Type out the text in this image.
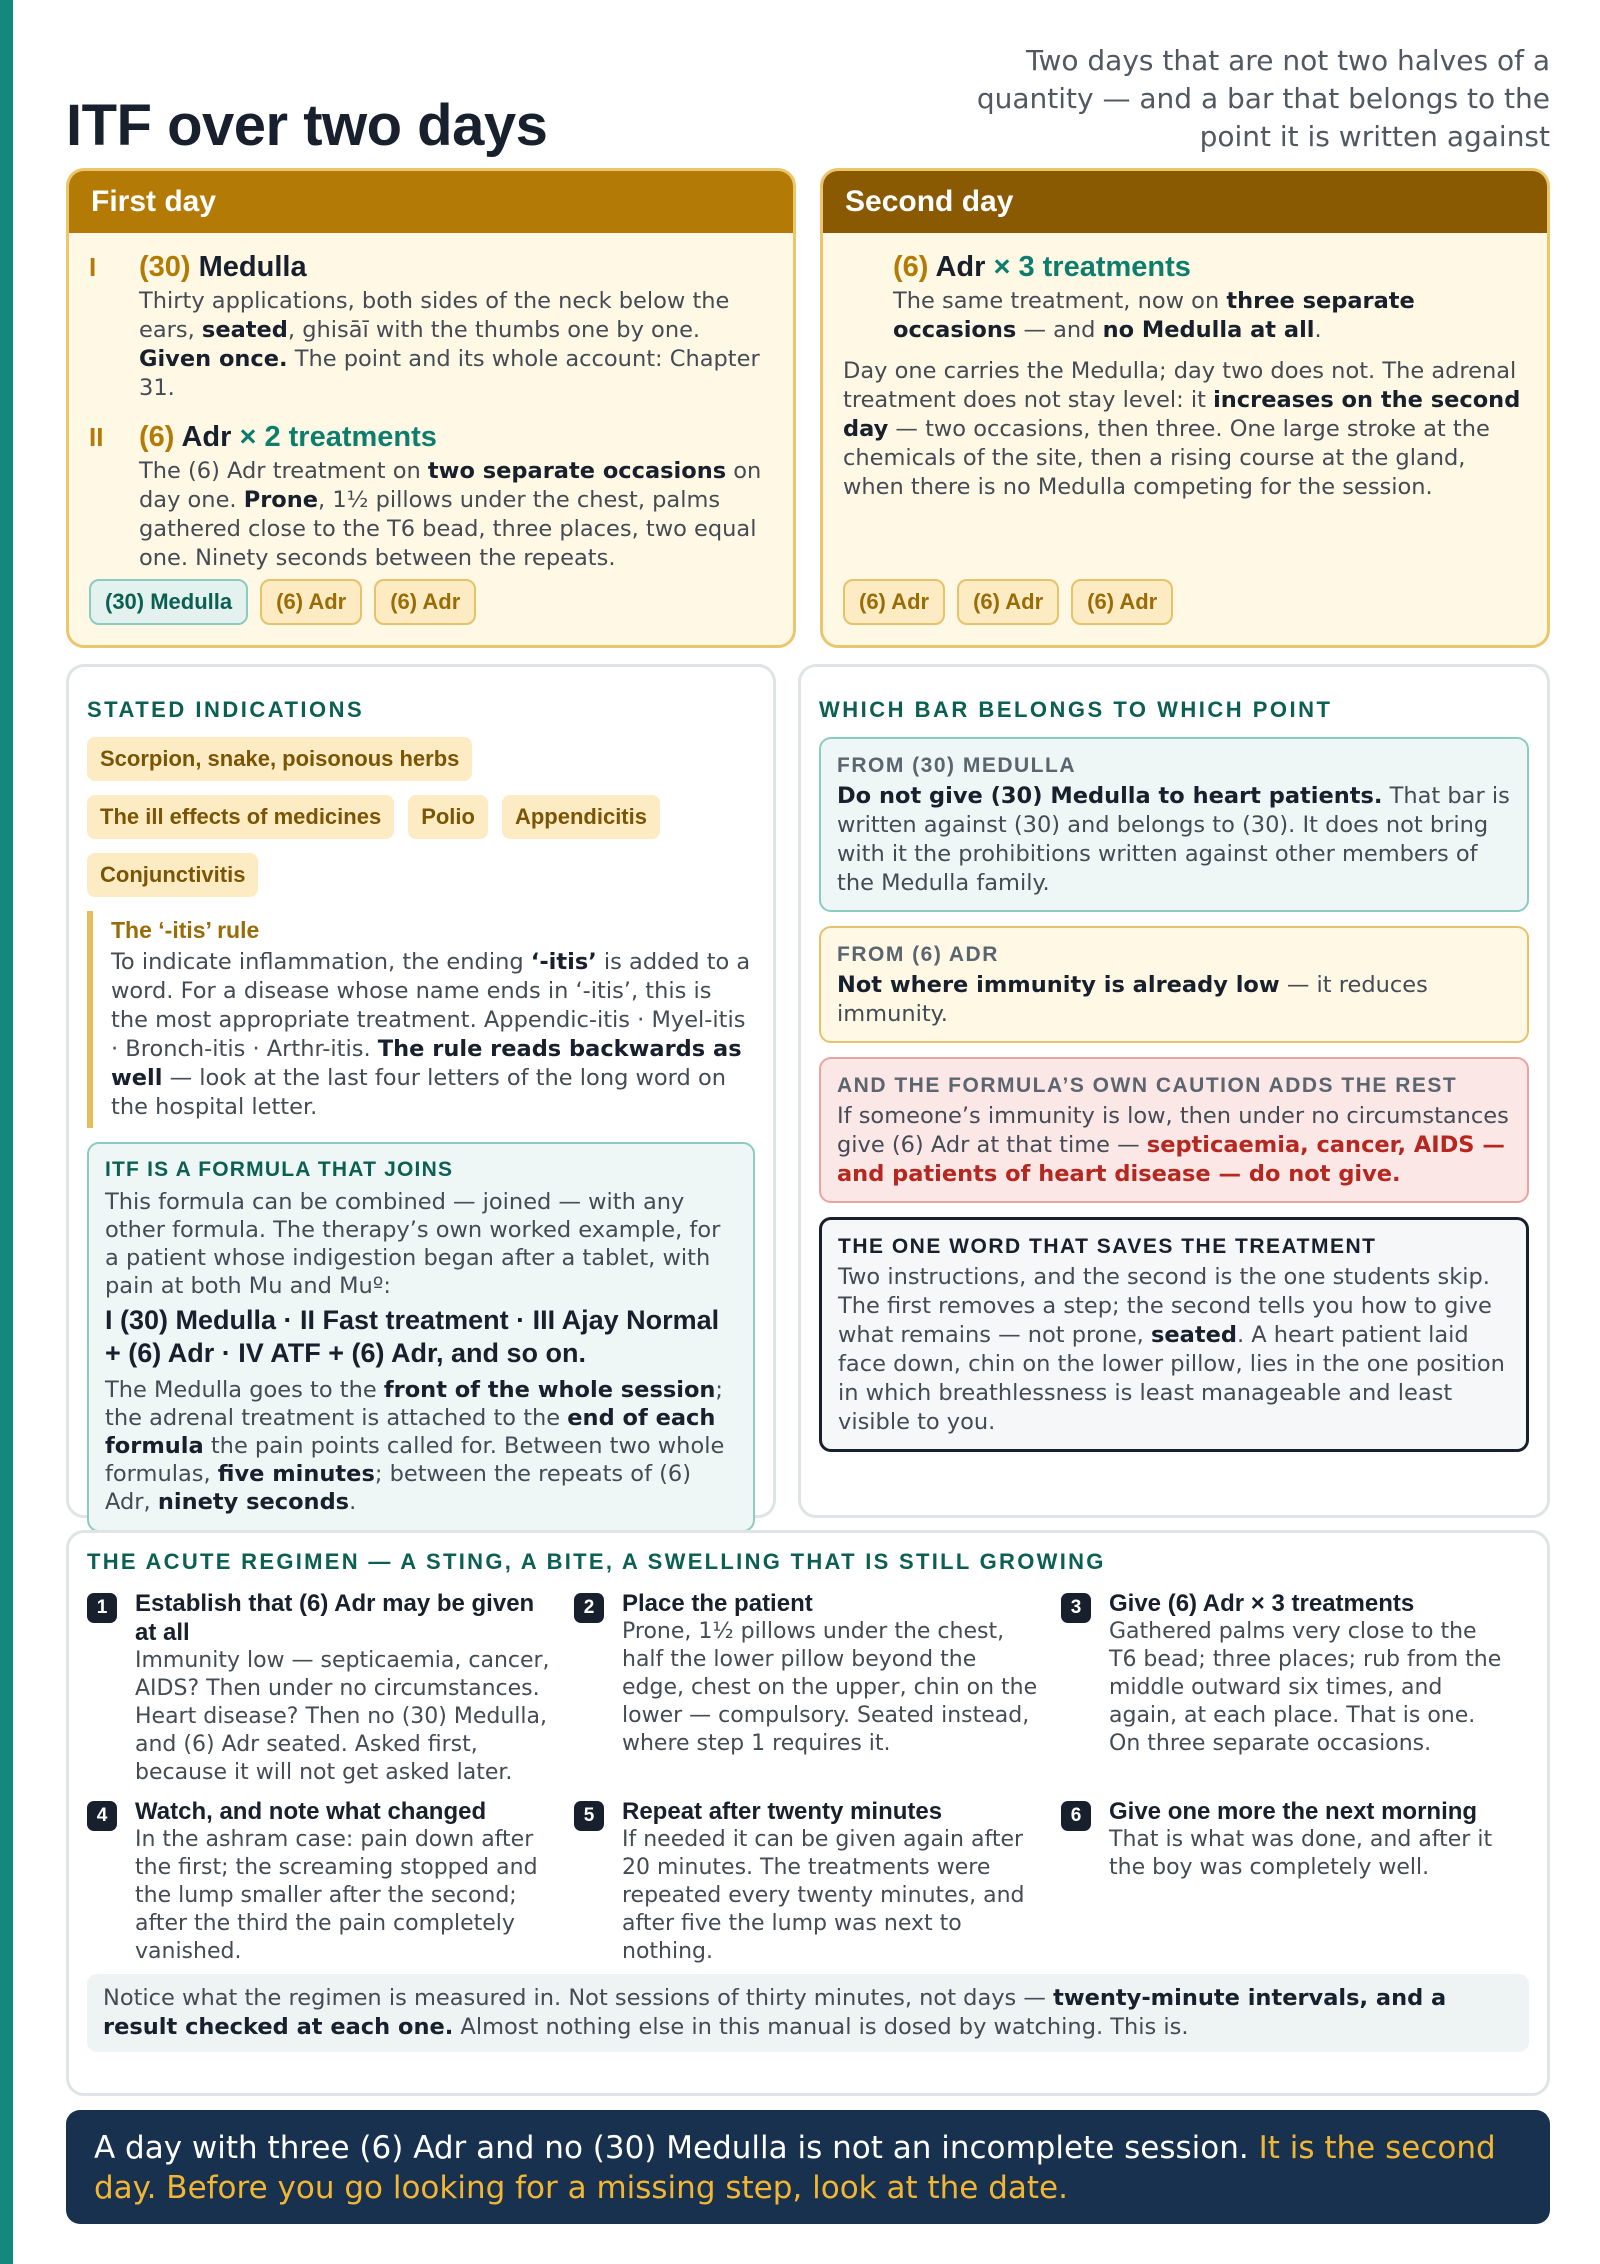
ITF over two days
Two days that are not two halves of a quantity — and a bar that belongs to the point it is written against
First day
I	(30) Medulla
Thirty applications, both sides of the neck below the ears, seated, ghisāī with the thumbs one by one. Given once. The point and its whole account: Chapter 31.
II	(6) Adr × 2 treatments
The (6) Adr treatment on two separate occasions on day one. Prone, 1½ pillows under the chest, palms gathered close to the T6 bead, three places, two equal one. Ninety seconds between the repeats.
(30) Medulla	(6) Adr	(6) Adr
Second day
(6) Adr × 3 treatments
The same treatment, now on three separate occasions — and no Medulla at all.
Day one carries the Medulla; day two does not. The adrenal treatment does not stay level: it increases on the second day — two occasions, then three. One large stroke at the chemicals of the site, then a rising course at the gland, when there is no Medulla competing for the session.
(6) Adr	(6) Adr	(6) Adr
STATED INDICATIONS
Scorpion, snake, poisonous herbs
The ill effects of medicines	Polio	Appendicitis
Conjunctivitis
The ‘-itis’ rule
To indicate inflammation, the ending ‘-itis’ is added to a word. For a disease whose name ends in ‘-itis’, this is the most appropriate treatment. Appendic-itis · Myel-itis · Bronch-itis · Arthr-itis. The rule reads backwards as well — look at the last four letters of the long word on the hospital letter.
ITF IS A FORMULA THAT JOINS
This formula can be combined — joined — with any other formula. The therapy’s own worked example, for a patient whose indigestion began after a tablet, with pain at both Mu and Muº:
I (30) Medulla · II Fast treatment · III Ajay Normal + (6) Adr · IV ATF + (6) Adr, and so on.
The Medulla goes to the front of the whole session; the adrenal treatment is attached to the end of each formula the pain points called for. Between two whole formulas, five minutes; between the repeats of (6) Adr, ninety seconds.
WHICH BAR BELONGS TO WHICH POINT
FROM (30) MEDULLA
Do not give (30) Medulla to heart patients. That bar is written against (30) and belongs to (30). It does not bring with it the prohibitions written against other members of the Medulla family.
FROM (6) ADR
Not where immunity is already low — it reduces immunity.
AND THE FORMULA’S OWN CAUTION ADDS THE REST
If someone’s immunity is low, then under no circumstances give (6) Adr at that time — septicaemia, cancer, AIDS — and patients of heart disease — do not give.
THE ONE WORD THAT SAVES THE TREATMENT
Two instructions, and the second is the one students skip. The first removes a step; the second tells you how to give what remains — not prone, seated. A heart patient laid face down, chin on the lower pillow, lies in the one position in which breathlessness is least manageable and least visible to you.
THE ACUTE REGIMEN — A STING, A BITE, A SWELLING THAT IS STILL GROWING
1	Establish that (6) Adr may be given at all
Immunity low — septicaemia, cancer, AIDS? Then under no circumstances. Heart disease? Then no (30) Medulla, and (6) Adr seated. Asked first, because it will not get asked later.
2	Place the patient
Prone, 1½ pillows under the chest, half the lower pillow beyond the edge, chest on the upper, chin on the lower — compulsory. Seated instead, where step 1 requires it.
3	Give (6) Adr × 3 treatments
Gathered palms very close to the T6 bead; three places; rub from the middle outward six times, and again, at each place. That is one. On three separate occasions.
4	Watch, and note what changed
In the ashram case: pain down after the first; the screaming stopped and the lump smaller after the second; after the third the pain completely vanished.
5	Repeat after twenty minutes
If needed it can be given again after 20 minutes. The treatments were repeated every twenty minutes, and after five the lump was next to nothing.
6	Give one more the next morning
That is what was done, and after it the boy was completely well.
Notice what the regimen is measured in. Not sessions of thirty minutes, not days — twenty-minute intervals, and a result checked at each one. Almost nothing else in this manual is dosed by watching. This is.
A day with three (6) Adr and no (30) Medulla is not an incomplete session. It is the second day. Before you go looking for a missing step, look at the date.
